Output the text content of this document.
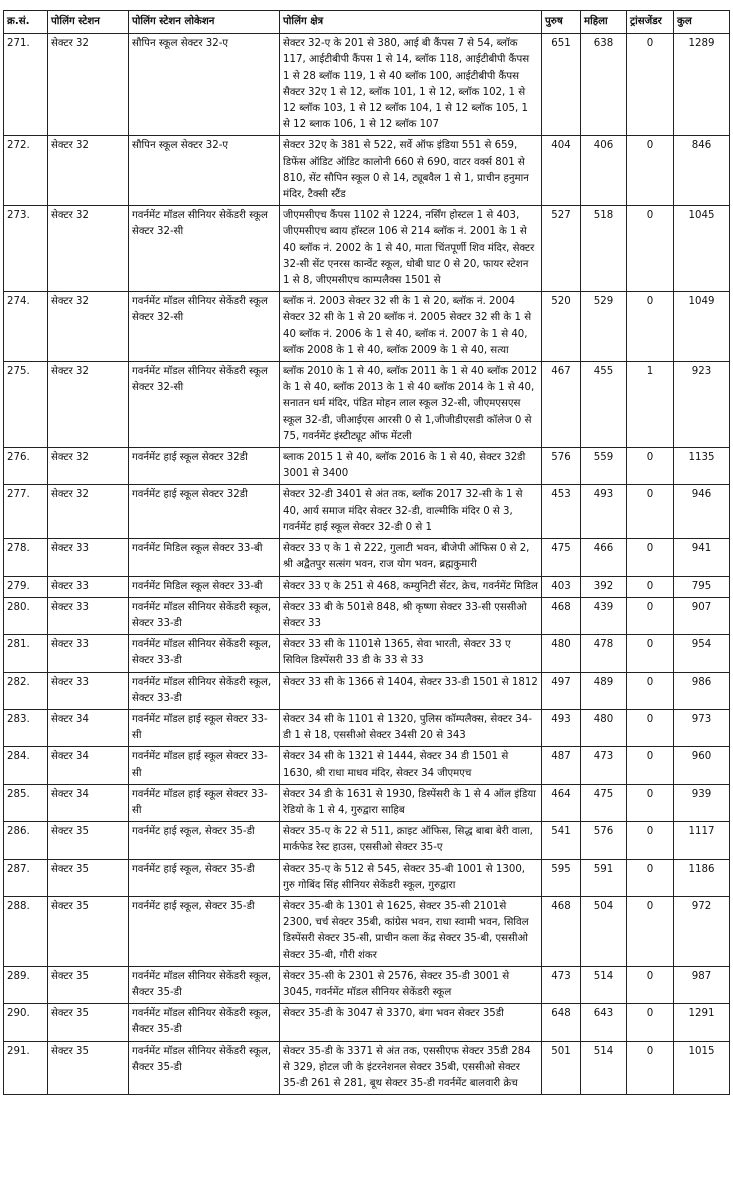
क्र.सं.	पोलिंग स्टेशन	पोलिंग स्टेशन लोकेशन	पोलिंग क्षेत्र	पुरुष	महिला	ट्रांसजेंडर	कुल
271.	सेक्टर 32	सौपिन स्कूल सेक्टर 32-ए	सेक्टर 32-ए के 201 से 380, आई बी कैंपस 7 से 54, ब्लॉक 117, आईटीबीपी कैंपस 1 से 14, ब्लॉक 118, आईटीबीपी कैंपस 1 से 28 ब्लॉक 119, 1 से 40 ब्लॉक 100, आईटीबीपी कैंपस सैक्टर 32ए 1 से 12, ब्लॉक 101, 1 से 12, ब्लॉक 102, 1 से 12 ब्लॉक 103, 1 से 12 ब्लॉक 104, 1 से 12 ब्लॉक 105, 1 से 12 ब्लाक 106, 1 से 12 ब्लॉक 107	651	638	0	1289
272.	सेक्टर 32	सौपिन स्कूल सेक्टर 32-ए	सेक्टर 32ए के 381 से 522, सर्वे ऑफ इंडिया 551 से 659, डिफेंस ऑडिट ऑडिट कालोनी 660 से 690, वाटर वर्क्स 801 से 810, सेंट सौपिन स्कूल 0 से 14, ट्यूबवैल 1 से 1, प्राचीन हनुमान मंदिर, टैक्सी स्टैंड	404	406	0	846
273.	सेक्टर 32	गवर्नमेंट मॉडल सीनियर सेकेंडरी स्कूल सेक्टर 32-सी	जीएमसीएच कैंपस 1102 से 1224, नर्सिंग होस्टल 1 से 403, जीएमसीएच ब्वाय हॉस्टल 106 से 214 ब्लॉक नं. 2001 के 1 से 40 ब्लॉक नं. 2002 के 1 से 40, माता चिंतपूर्णी शिव मंदिर, सेक्टर 32-सी सेंट एनरस कान्वेंट स्कूल, धोबी घाट 0 से 20, फायर स्टेशन 1 से 8, जीएमसीएच काम्पलैक्स 1501 से	527	518	0	1045
274.	सेक्टर 32	गवर्नमेंट मॉडल सीनियर सेकेंडरी स्कूल सेक्टर 32-सी	ब्लॉक नं. 2003 सेक्टर 32 सी के 1 से 20, ब्लॉक नं. 2004 सेक्टर 32 सी के 1 से 20 ब्लॉक नं. 2005 सेक्टर 32 सी के 1 से 40 ब्लॉक नं. 2006 के 1 से 40, ब्लॉक नं. 2007 के 1 से 40, ब्लॉक 2008 के 1 से 40, ब्लॉक 2009 के 1 से 40, सत्या	520	529	0	1049
275.	सेक्टर 32	गवर्नमेंट मॉडल सीनियर सेकेंडरी स्कूल सेक्टर 32-सी	ब्लॉक 2010 के 1 से 40, ब्लॉक 2011 के 1 से 40 ब्लॉक 2012 के 1 से 40, ब्लॉक 2013 के 1 से 40 ब्लॉक 2014 के 1 से 40, सनातन धर्म मंदिर, पंडित मोहन लाल स्कूल 32-सी, जीएमएसएस स्कूल 32-डी, जीआईएस आरसी 0 से 1,जीजीडीएसडी कॉलेज 0 से 75, गवर्नमेंट इंस्टीट्यूट ऑफ मेंटली	467	455	1	923
276.	सेक्टर 32	गवर्नमेंट हाई स्कूल सेक्टर 32डी	ब्लाक 2015 1 से 40, ब्लॉक 2016 के 1 से 40, सेक्टर 32डी 3001 से 3400	576	559	0	1135
277.	सेक्टर 32	गवर्नमेंट हाई स्कूल सेक्टर 32डी	सेक्टर 32-डी 3401 से अंत तक, ब्लॉक 2017 32-सी के 1 से 40, आर्य समाज मंदिर सेक्टर 32-डी, वाल्मीकि मंदिर 0 से 3, गवर्नमेंट हाई स्कूल सेक्टर 32-डी 0 से 1	453	493	0	946
278.	सेक्टर 33	गवर्नमेंट मिडिल स्कूल सेक्टर 33-बी	सेक्टर 33 ए के 1 से 222, गुलाटी भवन, बीजेपी ऑफिस 0 से 2, श्री अद्वैतपुर सत्संग भवन, राज योग भवन, ब्रह्मकुमारी	475	466	0	941
279.	सेक्टर 33	गवर्नमेंट मिडिल स्कूल सेक्टर 33-बी	सेक्टर 33 ए के 251 से 468, कम्युनिटी सेंटर, क्रेच, गवर्नमेंट मिडिल	403	392	0	795
280.	सेक्टर 33	गवर्नमेंट मॉडल सीनियर सेकेंडरी स्कूल, सेक्टर 33-डी	सेक्टर 33 बी के 501से 848, श्री कृष्णा सेक्टर 33-सी एससीओ सेक्टर 33	468	439	0	907
281.	सेक्टर 33	गवर्नमेंट मॉडल सीनियर सेकेंडरी स्कूल, सेक्टर 33-डी	सेक्टर 33 सी के 1101से 1365, सेवा भारती, सेक्टर 33 ए सिविल डिस्पेंसरी 33 डी के 33 से 33	480	478	0	954
282.	सेक्टर 33	गवर्नमेंट मॉडल सीनियर सेकेंडरी स्कूल, सेक्टर 33-डी	सेक्टर 33 सी के 1366 से 1404, सेक्टर 33-डी 1501 से 1812	497	489	0	986
283.	सेक्टर 34	गवर्नमेंट मॉडल हाई स्कूल सेक्टर 33-सी	सेक्टर 34 सी के 1101 से 1320, पुलिस कॉम्पलैक्स, सेक्टर 34-डी 1 से 18, एससीओ सेक्टर 34सी 20 से 343	493	480	0	973
284.	सेक्टर 34	गवर्नमेंट मॉडल हाई स्कूल सेक्टर 33-सी	सेक्टर 34 सी के 1321 से 1444, सेक्टर 34 डी 1501 से 1630, श्री राधा माधव मंदिर, सेक्टर 34 जीएमएच	487	473	0	960
285.	सेक्टर 34	गवर्नमेंट मॉडल हाई स्कूल सेक्टर 33-सी	सेक्टर 34 डी के 1631 से 1930, डिस्पेंसरी के 1 से 4 ऑल इंडिया रेडियो के 1 से 4, गुरुद्वारा साहिब	464	475	0	939
286.	सेक्टर 35	गवर्नमेंट हाई स्कूल, सेक्टर 35-डी	सेक्टर 35-ए के 22 से 511, क्राइट ऑफिस, सिद्ध बाबा बेरी वाला, मार्कफेड रेस्ट हाउस, एससीओ सेक्टर 35-ए	541	576	0	1117
287.	सेक्टर 35	गवर्नमेंट हाई स्कूल, सेक्टर 35-डी	सेक्टर 35-ए के 512 से 545, सेक्टर 35-बी 1001 से 1300, गुरु गोबिंद सिंह सीनियर सेकेंडरी स्कूल, गुरुद्वारा	595	591	0	1186
288.	सेक्टर 35	गवर्नमेंट हाई स्कूल, सेक्टर 35-डी	सेक्टर 35-बी के 1301 से 1625, सेक्टर 35-सी 2101से 2300, चर्च सेक्टर 35बी, कांग्रेस भवन, राधा स्वामी भवन, सिविल डिस्पेंसरी सेक्टर 35-सी, प्राचीन कला केंद्र सेक्टर 35-बी, एससीओ सेक्टर 35-बी, गौरी शंकर	468	504	0	972
289.	सेक्टर 35	गवर्नमेंट मॉडल सीनियर सेकेंडरी स्कूल, सैक्टर 35-डी	सेक्टर 35-सी के 2301 से 2576, सेक्टर 35-डी 3001 से 3045, गवर्नमेंट मॉडल सीनियर सेकेंडरी स्कूल	473	514	0	987
290.	सेक्टर 35	गवर्नमेंट मॉडल सीनियर सेकेंडरी स्कूल, सैक्टर 35-डी	सेक्टर 35-डी के 3047 से 3370, बंगा भवन सेक्टर 35डी	648	643	0	1291
291.	सेक्टर 35	गवर्नमेंट मॉडल सीनियर सेकेंडरी स्कूल, सैक्टर 35-डी	सेक्टर 35-डी के 3371 से अंत तक, एससीएफ सेक्टर 35डी 284 से 329, होटल जी के इंटरनेशनल सेक्टर 35बी, एससीओ सेक्टर 35-डी 261 से 281, बूथ सेक्टर 35-डी गवर्नमेंट बालवारी क्रेच	501	514	0	1015
